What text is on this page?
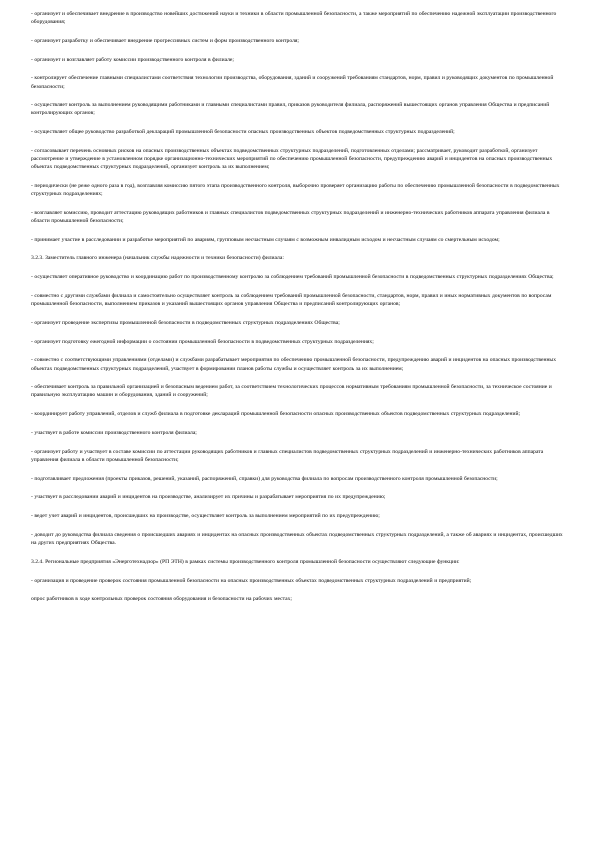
- организует и обеспечивает внедрение в производство новейших достижений науки и техники в области промышленной безопасности, а также мероприятий по обеспечению надежной эксплуатации производственного оборудования;

- организует разработку и обеспечивает внедрение прогрессивных систем и форм производственного контроля;

- организует и возглавляет работу комиссии производственного контроля в филиале;

- контролирует обеспечение главными специалистами соответствия технологии производства, оборудования, зданий и сооружений требованиям стандартов, норм, правил и руководящих документов по промышленной безопасности;

- осуществляет контроль за выполнением руководящими работниками и главными специалистами правил, приказов руководителя филиала, распоряжений вышестоящих органов управления Общества и предписаний контролирующих органов;

- осуществляет общее руководство разработкой деклараций промышленной безопасности опасных производственных объектов подведомственных структурных подразделений;

- согласовывает перечень основных рисков на опасных производственных объектах подведомственных структурных подразделений, подготовленных отделами; рассматривает, руководит разработкой, организует рассмотрение и утверждение в установленном порядке организационно-технических мероприятий по обеспечению промышленной безопасности, предупреждению аварий и инцидентов на опасных производственных объектах подведомственных структурных подразделений, организует контроль за их выполнением;

- периодически (не реже одного раза в год), возглавляя комиссию пятого этапа производственного контроля, выборочно проверяет организацию работы по обеспечению промышленной безопасности в подведомственных структурных подразделениях;

- возглавляет комиссию, проводит аттестацию руководящих работников и главных специалистов подведомственных структурных подразделений и инженерно-технических работников аппарата управления филиала в области промышленной безопасности;

- принимает участие в расследовании и разработке мероприятий по авариям, групповым несчастным случаям с возможным инвалидным исходом и несчастным случаям со смертельным исходом;

3.2.3. Заместитель главного инженера (начальник службы надежности и техники безопасности) филиала:

- осуществляет оперативное руководство и координацию работ по производственному контролю за соблюдением требований промышленной безопасности в подведомственных структурных подразделениях Общества;

- совместно с другими службами филиала и самостоятельно осуществляет контроль за соблюдением требований промышленной безопасности, стандартов, норм, правил и иных нормативных документов по вопросам промышленной безопасности, выполнением приказов и указаний вышестоящих органов управления Общества и предписаний контролирующих органов;

- организует проведение экспертизы промышленной безопасности в подведомственных структурных подразделениях Общества;

- организует подготовку ежегодной информации о состоянии промышленной безопасности в подведомственных структурных подразделениях;

- совместно с соответствующими управлениями (отделами) и службами разрабатывает мероприятия по обеспечению промышленной безопасности, предупреждению аварий и инцидентов на опасных производственных объектах подведомственных структурных подразделений, участвует в формировании планов работы службы и осуществляет контроль за их выполнением;

- обеспечивает контроль за правильной организацией и безопасным ведением работ, за соответствием технологических процессов нормативным требованиям промышленной безопасности, за техническое состояние и правильную эксплуатацию машин и оборудования, зданий и сооружений;

- координирует работу управлений, отделов и служб филиала в подготовке деклараций промышленной безопасности опасных производственных объектов подведомственных структурных подразделений;

- участвует в работе комиссии производственного контроля филиала;

- организует работу и участвует в составе комиссии по аттестации руководящих работников и главных специалистов подведомственных структурных подразделений и инженерно-технических работников аппарата управления филиала в области промышленной безопасности;

- подготавливает предложения (проекты приказов, решений, указаний, распоряжений, справки) для руководства филиала по вопросам производственного контроля промышленной безопасности;

- участвует в расследовании аварий и инцидентов на производстве, анализирует их причины и разрабатывает мероприятия по их предупреждению;

- ведет учет аварий и инцидентов, происшедших на производстве, осуществляет контроль за выполнением мероприятий по их предупреждению;

- доводит до руководства филиала сведения о происшедших авариях и инцидентах на опасных производственных объектах подведомственных структурных подразделений, а также об авариях и инцидентах, происшедших на других предприятиях Общества.

3.2.4. Региональные предприятия «Энерготехнадзор» (РП ЭТН) в рамках системы производственного контроля промышленной безопасности осуществляют следующие функции:

- организация и проведение проверок состояния промышленной безопасности на опасных производственных объектах подведомственных структурных подразделений и предприятий;

опрос работников в ходе контрольных проверок состояния оборудования и безопасности на рабочих местах;
